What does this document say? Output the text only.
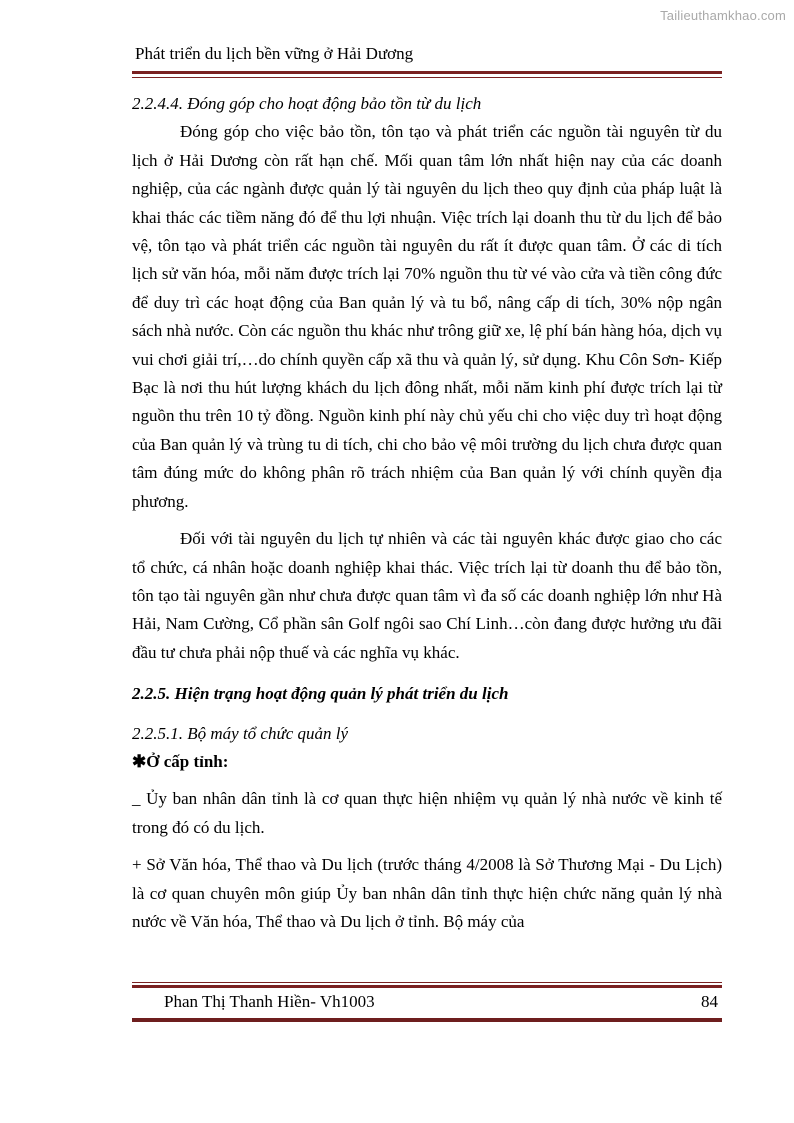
Tailieuthamkhao.com
Phát triển du lịch bền vững ở Hải Dương

2.2.4.4. Đóng góp cho hoạt động bảo tồn từ du lịch

Đóng góp cho việc bảo tồn, tôn tạo và phát triển các nguồn tài nguyên từ du lịch ở Hải Dương còn rất hạn chế. Mối quan tâm lớn nhất hiện nay của các doanh nghiệp, của các ngành được quản lý tài nguyên du lịch theo quy định của pháp luật là khai thác các tiềm năng đó để thu lợi nhuận. Việc trích lại doanh thu từ du lịch để bảo vệ, tôn tạo và phát triển các nguồn tài nguyên du rất ít được quan tâm. Ở các di tích lịch sử văn hóa, mỗi năm được trích lại 70% nguồn thu từ vé vào cửa và tiền công đức để duy trì các hoạt động của Ban quản lý và tu bổ, nâng cấp di tích, 30% nộp ngân sách nhà nước. Còn các nguồn thu khác như trông giữ xe, lệ phí bán hàng hóa, dịch vụ vui chơi giải trí,…do chính quyền cấp xã thu và quản lý, sử dụng. Khu Côn Sơn- Kiếp Bạc là nơi thu hút lượng khách du lịch đông nhất, mỗi năm kinh phí được trích lại từ nguồn thu trên 10 tỷ đồng. Nguồn kinh phí này chủ yếu chi cho việc duy trì hoạt động của Ban quản lý và trùng tu di tích, chi cho bảo vệ môi trường du lịch chưa được quan tâm đúng mức do không phân rõ trách nhiệm của Ban quản lý với chính quyền địa phương.

Đối với tài nguyên du lịch tự nhiên và các tài nguyên khác được giao cho các tổ chức, cá nhân hoặc doanh nghiệp khai thác. Việc trích lại từ doanh thu để bảo tồn, tôn tạo tài nguyên gần như chưa được quan tâm vì đa số các doanh nghiệp lớn như Hà Hải, Nam Cường, Cổ phần sân Golf ngôi sao Chí Linh…còn đang được hưởng ưu đãi đầu tư chưa phải nộp thuế và các nghĩa vụ khác.

2.2.5. Hiện trạng hoạt động quản lý phát triển du lịch

2.2.5.1. Bộ máy tổ chức quản lý

✱Ở cấp tỉnh:

_ Ủy ban nhân dân tỉnh là cơ quan thực hiện nhiệm vụ quản lý nhà nước về kinh tế trong đó có du lịch.

+ Sở Văn hóa, Thể thao và Du lịch (trước tháng 4/2008 là Sở Thương Mại - Du Lịch) là cơ quan chuyên môn giúp Ủy ban nhân dân tỉnh thực hiện chức năng quản lý nhà nước về Văn hóa, Thể thao và Du lịch ở tỉnh. Bộ máy của

Phan Thị Thanh Hiền- Vh1003	84
